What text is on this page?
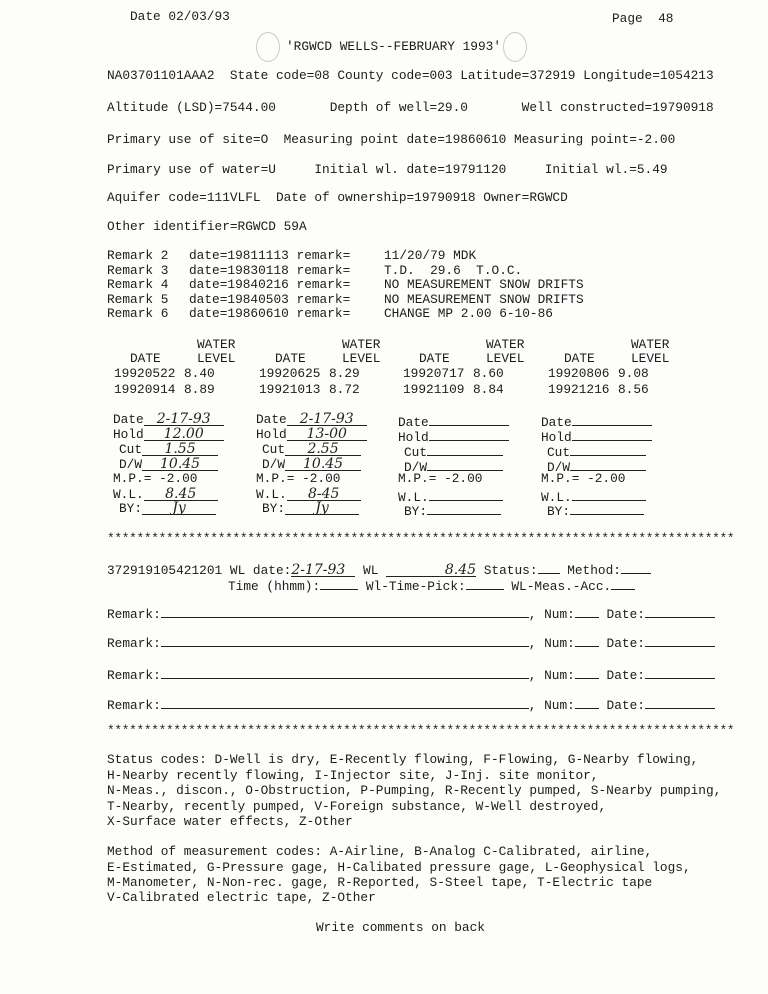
Date 02/03/93	Page  48
'RGWCD WELLS--FEBRUARY 1993'
NA03701101AAA2  State code=08 County code=003 Latitude=372919 Longitude=1054213
Altitude (LSD)=7544.00       Depth of well=29.0       Well constructed=19790918
Primary use of site=O  Measuring point date=19860610 Measuring point=-2.00
Primary use of water=U     Initial wl. date=19791120     Initial wl.=5.49
Aquifer code=111VLFL  Date of ownership=19790918 Owner=RGWCD
Other identifier=RGWCD 59A
Remark 2 date=19811113 remark=	11/20/79 MDK
Remark 3 date=19830118 remark=	T.D.  29.6  T.O.C.
Remark 4 date=19840216 remark=	NO MEASUREMENT SNOW DRIFTS
Remark 5 date=19840503 remark=	NO MEASUREMENT SNOW DRIFTS
Remark 6 date=19860610 remark=	CHANGE MP 2.00 6-10-86
WATER
DATE	LEVEL
19920522 8.40
19920914 8.89
WATER
DATE	LEVEL
19920625 8.29
19921013 8.72
WATER
DATE	LEVEL
19920717 8.60
19921109 8.84
WATER
DATE	LEVEL
19920806 9.08
19921216 8.56
Date 2-17-93
Hold 12.00
Cut 1.55
D/W 10.45
M.P.= -2.00
W.L. 8.45
BY: Jy
Date 2-17-93
Hold 13-00
Cut 2.55
D/W 10.45
M.P.= -2.00
W.L. 8-45
BY: Jy
Date
Hold
Cut
D/W
M.P.= -2.00
W.L.
BY:
Date
Hold
Cut
D/W
M.P.= -2.00
W.L.
BY:
*************************************************************************************
372919105421201 WL date:2-17-93 WL	8.45 Status: Method:
Time (hhmm):	Wl-Time-Pick:	WL-Meas.-Acc.
Remark:	, Num: Date:
Remark:	, Num: Date:
Remark:	, Num: Date:
Remark:	, Num: Date:
*************************************************************************************
Status codes: D-Well is dry, E-Recently flowing, F-Flowing, G-Nearby flowing,
H-Nearby recently flowing, I-Injector site, J-Inj. site monitor,
N-Meas., discon., O-Obstruction, P-Pumping, R-Recently pumped, S-Nearby pumping,
T-Nearby, recently pumped, V-Foreign substance, W-Well destroyed,
X-Surface water effects, Z-Other
Method of measurement codes: A-Airline, B-Analog C-Calibrated, airline,
E-Estimated, G-Pressure gage, H-Calibated pressure gage, L-Geophysical logs,
M-Manometer, N-Non-rec. gage, R-Reported, S-Steel tape, T-Electric tape
V-Calibrated electric tape, Z-Other
Write comments on back
